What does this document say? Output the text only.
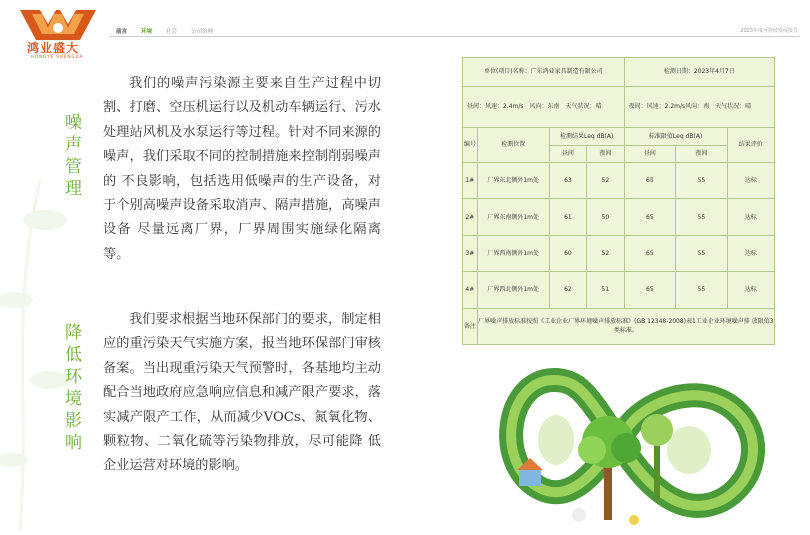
鸿业盛大
HONGYE SHENGDA
前言	环境	社会	公司治理	2023年度可持续发展报告
噪声管理

我们的噪声污染源主要来自生产过程中切割、打磨、空压机运行以及机动车辆运行、污水处理站风机及水泵运行等过程。针对不同来源的噪声，我们采取不同的控制措施来控制削弱噪声的 不良影响，包括选用低噪声的生产设备，对于个别高噪声设备采取消声、隔声措施，高噪声设备 尽量远离厂界，厂界周围实施绿化隔离等。

降低环境影响

我们要求根据当地环保部门的要求，制定相应的重污染天气实施方案，报当地环保部门审核备案。当出现重污染天气预警时，各基地均主动配合当地政府应急响应信息和减产限产要求，落实减产限产工作，从而减少VOCs、氮氧化物、颗粒物、二氧化硫等污染物排放，尽可能降 低企业运营对环境的影响。

单位(项目)名称：广东鸿业家具制造有限公司				检测日期：2023年4月7日		
昼间：风速：2.4m/s　风向：东南　天气状况：晴				夜间：风速：2.2m/s风向：南　天气状况：晴		
编号	检测位置	检测结果Leq dB(A)		标准限值Leq dB(A)		结果评价
		昼间	夜间	昼间	夜间	
1#	厂界东北侧外1m处	63	52	65	55	达标
2#	厂界东南侧外1m处	61	50	65	55	达标
3#	厂界西南侧外1m处	60	52	65	55	达标
4#	厂界西北侧外1m处	62	51	65	55	达标
备注	厂界噪声排放标准按照《工业企业厂界环境噪声排放标准》(GB 12348-2008)表1工业企业环境噪声排 放限值3类标准。					
